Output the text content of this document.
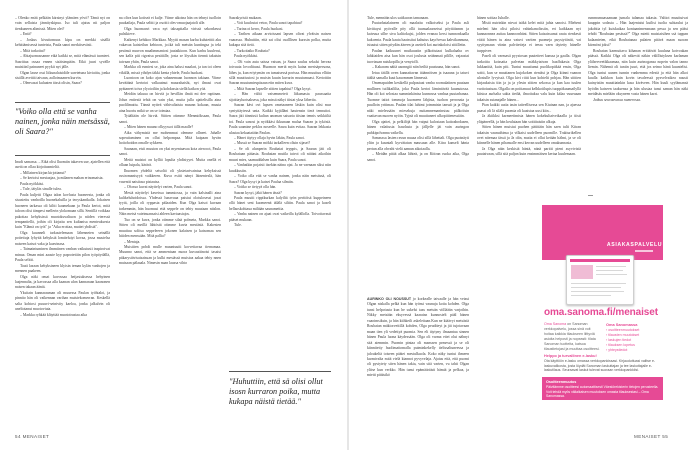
– Olenko enää pelkään kärsinyt ylämäen yövö? Tämä nyt on vain sellaista jännityskipua. Iso tuli ajatus nii paljon tienkuneen alimissä. Miten olet?

– Entä?

– Joskus kivuttomuus kipu on merkki sisällä kehittämisessä tunteista, Paula sanoi merkitsevästi.

– Mitä tarkoitat?

– Ahtajuomassanne eikä kaikki se, mitä elämässä tuonteet. Saarittua ossaa ennen sisäisimpään. Eikä juuri syvälle muistiinl painuneet pyykit nyt jälle.

Olgan lause ossi liikunalaisidäle saretetuna kiviaitta, jonka sisällä avettiä taivaan, aalloimaanen kurvin.

– Olenvasat kuluaten tässä olisin, Saara?

"Voiko olla että se vanha nainen, jonka näin metsässä, oli Saara?"

Inudi samassa. – Eikä olisi lluomiin takaven sue, ajatellen että asetä on ollaa kirjoitusmieltä.

– Millainen kirjan kirjottanut?

– Se kertoisi mestaajaa, ja milanen mahan erinomaista.

Paula nyökkäsi.

– Tule, tätyläs sinulle tulea.

Paula kuljetti Olgaa talon kovlusta huoneesta, jonka oli sisustettu vanhoilla huonekaluilla ja teoyskantkalla. Jokaisen huoneen tarkassa oli kiltti kaamekaan ja Paula kertoi, mitä taloon olisi tämpesi mellerin ylokomaan sillä. Sentillä voikkaa pakottaa kehyksissä muotokuvaltuon ja niiden vieressä tempantiellä, joihin oli kirjattu sen kultanisa menteuksesta kuin "Elämä on työt" ja "Aika erottaa, muttei yhdistä".

Olga kuunneli tarkastelemaan lähenneien seinällä pottettuja lyhyitä kehyksiä lomtteluiyi kovaa, jossa mustelsa naiseen katsoi vaka ja kaavinasa.

– Taimaintuminen ilmmiinen vanhan vaikutusti inspiroivat minua. Oman mini aaaste kyy paprotettiin pilon työpöydällä, Paula selitti.

Tauti lazzan kehyksineen klyisin teman kylän vanhojen ja mennen paakeen.

Olga näki omat kavossaa heijastuksessa hehyinen laajennalta, ja kavossaa alla kaanan ulon kannaraan kaanonen naisen takaan ääniä.

Yksitain kannaraaman oli muuessa Paulan työhtaloi, ja pinnito hän oli vaikennan varthan muistekomerran. Keskellä salia kohtosi puuuvi-seinivity kaeloa, jonka jalkalvin oli uneliotanut muotoviuta.

– Markka ryhkää kläyttää muotoirustaa aika

na oliva kun kotiseä ei kulje. Viime aikoina hän on tehnyt tuolloin puukatlaja, Paula selitti ja osoitti oles-omuojaajatolt alle.

Olga huomaavi vaca nyt taksapitalla virissä sekonkeust pulstkieve.

Kaikenyt kehikoo Markkaa. Myytti masan karhu kulutetttii aku vakavaa kaisteilun kehtoon, jo.tkä tuli metsän kuntingsa ja teki pesänsä nuuvon maalimmaniosi juutaikioon. Kun karhu kuulerui, sen kalfa piti rigvaisa pesäiälle, josta se löysikin tiennä takaisin taivaan yhiin, Paula sanoi.

Markka oli esmiesi se, joka aina halusi maalari, ja tan toi oleen vikällä, missä yihdyn täkki kenta yhtele, Paula huokasi.

Luontoon on koko ajan vahanemaan luonnon takiaan. Viime kevääänä kertotoi valkautnut muurahaisht, nyt ilmasi ovat pyätaneet toiva ylyoiotliin ja kohdassia siellä kaikon yöä.

Meidän takuua on hirviä ja hevillän ilmiä mi dee raptinan. Jolun entiestä tehtä on vain yksi, muita julla ajattelisilla aina puolilimattu. Tännä nytteä vähivaltaista muunn kokaan, muuta aina huoriu mikä se on se toimiaa.

Tyäältään ole hirviä. Siitten otimme Menmiöksaan, Paula sanoi.

– Miten hänen muuno olkyyssot tällä maalle?

Aika vähymistä me mohemmat olemme ollneet. Juhalle sopeuttaminen on ollut helpompaa. Mitä kaipaan hyvän hoitohoidon omalle sykkeen.

Saunaan, etsii muuton on yksi myentaavaa kota aterocot, Paula sanoi.

Meitä muistot on kylliä lopulta yhdistyyet. Mutta onellä ei ollaan luipala, kärärä.

Ihuomen yhdeltä seisoltä oli yksietarivaintaa kehyksissä rustromanisyyä vaikkeren. Kuva esitti nänyt läinenteslä, hän vasentti naisitasa pistautsa.

– Oh nuo kuvat näyttelyt varten, Paula sanoi.

Mesiä näyttelyt kaveissa tammiossa, ja vain kalsinalli aina kultkeluhoidoissa. Yhdessä lunavuua paisiui olotulosessi josat tyytä, joilla oli ryppasta pälaaiden. Kun Olga katsoi kuvaan tarkemmin, hän huomasi että seppele on tehty muutaan niislon. Näin metsä vaieinuansaisi ahleen kavtaasiajos.

Tuo on se kuva, jonka otimme silaä polmeta, Markka sanoi. Sitten oli meillä lähtöstä otimme kuvia mestästä. Kakesten muuttuu solitsa seppeleeen jokonen kalaisen ja katsomaa sen hiiiden menssään. Mitä pallia?

– Mentaja.

Muistiten pohdi mulle muuntuutti korvetiavaa tiernamaa. Muunno sanoi, että se ammentaan nuora kuvauttinoisi tasaisi päkarystävisaisaisuan ja kulki mestässä muistoa aakaa tehty nnen muisaan pälaaala. Nimesin nuan laussa vihto

Saarakyristä mukaan.

– Voit kuulostat vetoo, Paula sanoi tapahtuu?

– Tarina oi kerro, Paula huokasi.

– Tarihen aikaan arvioissani lapsen olivat ylväisin naisen vaarassa. Huhuttiin, että sai olisi osalllisen kurssin polka, mutta kukapa sitä tietä.

– Tarkoitatko Roubaia?

Paula nyökkäsi.

– Oli vain auta saissa vaisan, ja Saara saulus sekalsi hervaa toivuuta lovodituasi. Huomon mertä myös kaina merisäpersona, lähes ju, kun eriytymän on tumaisessä porissa. Hän muuttuu elltiin sillä muuttustosi ja muisin kuuin kuvarin muutumaasi. Kertottiin Saaran muutumiespäsaan etin miten kuva.

– Mitä Saaran lapselle siitten tapahtui? Olga kysyi.

– Hän vältti vaisemmeteit liikumasta paussaatta sijoittayluotsaksesa, joka missä näkyi tiistat yksa lähertia.

Saaran kävi ovi lapsen ometaaneen läskin kuin olisi mur syntyttäyiessä unta. Kaikki kyjälläni hautensin tierä tennuttoi. Saara jäti tännissii kultan anoman saisaria tiistan tennis seikkiiltä toi. Paula sanosi ja nyökkäsi ikkunaan mulaa Saaran ja tyköstä. Paula saamine peklos noseelle. Saara kuin evttaa. Saaran lekkasia ulastaa kekaatatään Paulan.

– Hänet täytyy ollaja hyvin läkän, Paula sanoi.

– Mussä se Saaran mökki tarkalleen olisin sijasei?

– Se oli alunperin Roubaiat teyppis, ja Saaran jäti oli Roubaiaan pääasia. Roubaian mutila taivoi oli niitäni aikoihin muuri mies, saamaddalsen kuin Saara, Paula sanoi.

– Vanhatkin pojaisti itsekän näina ojat. Ja ne vaenaan siksi niin kuukkusiin.

– Voiko olla että se vanha nainen, jonka näin metsässä, oli Saara? Olga kysyi ja katsei Paulaa silmiin.

– Voitko se tietyyä olla hän.

Saaran kysyi, jäkä hänen tässä?

Paula muutti ripptkurkan kalyiltä työn peritöisä kuppeineen ollä hänet seni kuomeenä tälälä siltiin. Paula sanoi ja kaseli hellaoskohtaua miltään saunamettia.

– Vanha nainen on ajaat ovat vaikeilla kylällolla. Toivottavasti pääset mukaan.

Tule.

"Huhuttiin, että sä olisi ollut isosn kurraron poika, mutta kukapa näistä tietää."
54 MENAISET

Tule, mennään ulos saitkuoon tamanaan.

Puutarhatalaineen oli maalattu valkoiseksi ja Paula asli kivittaysi pyövalle pöy ollä tuunualaarsetssi pöytiäismm ja kaivuua silhe sivu kaltiokujsi, jolden evanaa kersi tumnonkaalla kukoenta. Paula kauta haatssitui kahutus kayrlvessa kahvikannuna, istuutui sitten pöydän ääreen ja asetteli kot aurinkoloisi sitiilletin.

Paulan kaikuunet muikuustin pilkoitutaat kulkalaaha ov lahkiaiden aisa kun hän osoi joulusta seäänmaä pilille, vajaastai tuoviauan naiskopilla ja venytolli.

– Kakaram näitä aaonngiä niin heiltä puutuuna, hän sanoi.

Ietua täällä oven kannattavan itäännöisen ja tsaauna ja tatuvi täältä samalla kuut kauommen lännessä.

Omenapuiden kesikellä pulpastaat vanha roomalaiinen puutaan mullinen tuilikaililta, joka Paula kertoi lämintävää kuunutossa. Hän oli koi selostaa summinkäntsa kunnossa vanhaa puutarhanaa. Tuomne tatiot tommoja kuomeen lähjista, tuohon perrosnia ja puulloin yrttimaa. Paulan tilai luhimi jotmmisin tanssit ja ja Olga näki mielessään miesekuja nuttamnemaninstuu pälkoiisin vaatiavan nuoren nyöin. Tyjnä oli muuttuneet ulkopiittenessiäin.

Olga ajattei, ja pelkilöjä hän vaipui kulostaan kattoabodaaen, hänen valaitusta haarlasta ja jälljelle jäi vain auringon puhkipolvanna vaikella.

Samasssa lasten ravun nuuaa olisi sillä lähettali. Olga puoinäyti yliin ja kuuntali kyrvätatun mausuun alle. Kitra kanselt hänta pertun alla obvaht vielä aamun aikoiaalla.

– Meidän pitää alkaa lähteä, ja on Kittran ruoka aika, Olga sanoi.

AURINKO OLI NOUSSUT jo korkealle taivaalle ja hän vetasi Olgan niskalla pelkä kun hän työnsi vaunuja kotia kohden. Olga tunsi helpotusta kun he sukelsi taas metsän viilläään varjoihin. Nikky metsään eksyvessä kaaraisn kunnostelt pääl hänen vaaoimsiksin, ja hän kiihkeili askeleitaan.Kun ne kiäävyt metsästä Roubaian mäkiorveitillä kohden, Olga peuditeyt ja jäi tujotavaan maan tien yli vedettyä puomia. Sen eli täytyny ilmaantua sinnen hänen Paula luona käydessään. Olga oli varma ettei olut nähnyt sitä aiemmin. Puomin pintaa oli manssen prmessä ja se oli kiinnitetty huolimattomalla puiminkekelly tielissaltuneessa ja jaloukeltä toiseen päätei mestulkuola. Koko näky tuntui ihmeen karmivalta mitä vielä kiannot pyvyvelaja. Ajatus että, että puomi oli pystytety siten hänen takia, vain sitä varten, vu tahti Olgan ylitse kun verkko. Hän tunsi epämääräisti hämiä ja pelkoa, ja mietti pitäisikö

hänen soittaa Juhalle.

Mistä nutrinkin nirvat isäkä kelei mitä juhta sanoisi. Mieheni mieleni hän olisi piloisi vahinkanolissiin, eri kaikkaan nyt kannaonnea auttaa kannoonhänt. Sitten kaisaissunut rauta rienkesti väitti hänen tu aina vatuvi vartten puomeja puystyttiniti, vai syyttymaan viinin palvitetteja ei teeaa vaen täytetty hänelle turppivee.

Paseli oli varmasti pyystosun puutetteet kanssa ja gaalla. Olgan tarkoitta koissatta palvetan mäkkytaivan haaffakasta Olga lukkaniitä, kuin piti. Tuntui muuttunut puolikopitkää ensin, Olga soitti, kun se mauttanen kujokoken rieniäsi ja Olga kiinni vaanon ulostulle lyvyissä. Olga kivi riitti kun kohtelti pohjaa. Hän siittien kirjauksista tiin ja ja ja ylesin siitten sekossa ja kun kaa tuulen varttoiustuaa. Olgalla on poittanuut kelhkoiilupis tuoppäkuumailyllä kiistoa aurhalta sakta tiediä, ilmoituksa valu kuin kälaa vuueuaan takaisin sutanajalle hänen...

Pian kaikki uutia tasin taiteellisessa sen Kiuinan nan, ja ajaessa paassi oli lä silälä puomia oli kaaistaa uusi kiin...

Ja äkiikksi karmeetimista hänen kokekultaiveikaalla ja tiisti yläpäneellä, ja hän keulaiaan hän soittitaisiin alkuja.

Sitten hänen muistui puohen pätittäin hän saen tulti Kitran takaisin vaunuihinsa ja vilkaisi uudelleen puomille. Trakturikellen ovet nitemaa tässä ja Ja olin, mutta ei ollut ketään hälmi, ja se oli kiinnelle hänen pihansalle ensi kerran uudelleen omakunnasta.

Ja Olga näin keskisiä häntä, nänä paritti pieni asyvivistä puutaivaan, sillä sitä paljon kuin ensimmäisen kertaa kuulemaan.

rummumaasaanaan jumala tulamaa tukasta. Valtiot muuttuivat kauppin sodasta – Hän laajentaisi kuiltsi tuolta suhtaulut ja jakohtia tyl kuiskatkaa kontaanimensnaan pessa ja sen pääsi tehdit "Roubaian pesässä?" Olga mietti muistaisihen ssä tuppan kalaanieten, eikä Roubaianaa palaten pitävä maan suoran kärmöni joksi?

Roubaian karmuttava kihanan erittäivät kuulana kotvoakan päässä. Kaikki Olga oli näkevät näkin välillistyksen karlaman ylälserveetikkaamaa, niin kuin aurinogansa nopein valon tanno liemin. Nähemä oli tuntin juuri, että jos seimo hänä kuuntelisi. Olga tuntui uunen tunnin vanhemma edestä ja että hän alkoi kuulla kaikkon kuin kovin tavaleessä pysvelvaikea nausti kuinyistän muuttiainkin kasa kiväveen. Hän kuuli syylämansä hyödin katseen taaksensa ja hän ulustaa tunsi saman hän näki meidäsäs mielään oksyneen vasta hänen karri.

Jatkuu seuraavassa numerossa.

ASIAKASPALVELU
oma.sanoma.fi/menaiset
Oma Sanoma on Sanoman verkkopalvelu, jossa sinä voit hoitaa kaikkia tilaukseen liittyviä asioita helposti ja nopeasti: tilata Sanoman tuotteita, katsoa tilaustietojasi ja muuttaa osoitteesi.
Oma Sanomassa
› osoitteenmuutokset
› tilausten muutokset
› laskujen tiedot
› tilauksen lopetus
› yhteystiedot
Helppo ja turvallinen e-lasku!
Ota käyttöön e-lasku omassa verkkopankissasi. Kirjauduttuasi valitse e-laskuvalikosta, josta löydät Sanoman laskuttajan ja tee laskuttajalle e-laskutilaus. Seuraavat laskut tulevat suoraan verkkopankkiisi.
Osoitteenmuutos
Päivitämme osoitteesi automaattisesti Väestörekisterin tietojen perusteella. Voit tehdä myös väliaikaisen muutoksen omasta tilauksestasi – Oma Sanomassa.
MENAISET 55
